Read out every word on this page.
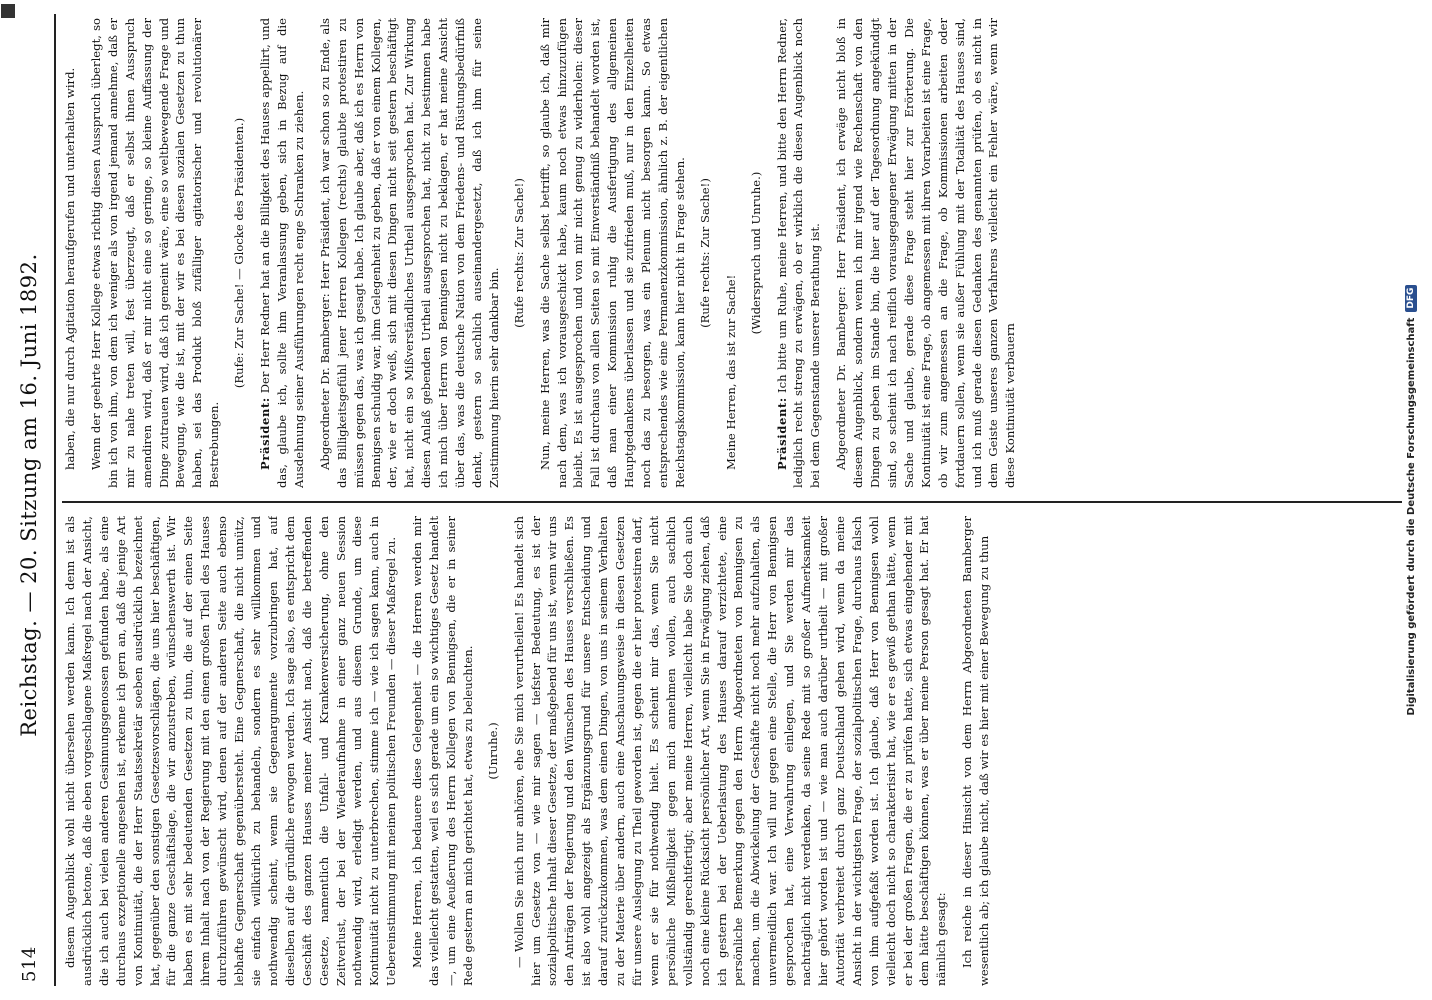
514
Reichstag. — 20. Sitzung am 16. Juni 1892.

diesem Augenblick wohl nicht übersehen werden kann. Ich denn ist als ausdrücklich betone, daß die eben vorgeschlagene Maßregel nach der Ansicht, die ich auch bei vielen anderen Gesinnungsgenossen gefunden habe, als eine durchaus exzeptionelle angesehen ist, erkenne ich gern an, daß die jenige Art von Kontinuität, die der Herr Staatssekretär soeben ausdrücklich bezeichnet hat, gegenüber den sonstigen Gesetzesvorschlägen, die uns hier beschäftigen, für die ganze Geschäftslage, die wir anzustreben, wünschenswerth ist. Wir haben es mit sehr bedeutenden Gesetzen zu thun, die auf der einen Seite ihrem Inhalt nach von der Regierung mit den einen großen Theil des Hauses durchzuführen gewünscht wird, denen auf der anderen Seite auch ebenso lebhafte Gegnerschaft gegenübersteht. Eine Gegnerschaft, die nicht unnütz, sie einfach willkürlich zu behandeln, sondern es sehr willkommen und nothwendig scheint, wenn sie Gegenargumente vorzubringen hat, auf dieselben auf die gründliche erwogen werden. Ich sage also, es entspricht dem Geschäft des ganzen Hauses meiner Ansicht nach, daß die betreffenden Gesetze, namentlich die Unfall- und Krankenversicherung, ohne den Zeitverlust, der bei der Wiederaufnahme in einer ganz neuen Session nothwendig wird, erledigt werden, und aus diesem Grunde, um diese Kontinuität nicht zu unterbrechen, stimme ich — wie ich sagen kann, auch in Uebereinstimmung mit meinen politischen Freunden — dieser Maßregel zu. Meine Herren, ich bedauere diese Gelegenheit — die Herren werden mir das vielleicht gestatten, weil es sich gerade um ein so wichtiges Gesetz handelt —, um eine Aeußerung des Herrn Kollegen von Bennigsen, die er in seiner Rede gestern an mich gerichtet hat, etwas zu beleuchten. (Unruhe.) — Wollen Sie mich nur anhören, ehe Sie mich verurtheilen! Es handelt sich hier um Gesetze von — wie mir sagen — tiefster Bedeutung, es ist der sozialpolitische Inhalt dieser Gesetze, der maßgebend für uns ist, wenn wir uns den Anträgen der Regierung und den Wünschen des Hauses verschließen. Es ist also wohl angezeigt als Ergänzungsgrund für unsere Entscheidung und darauf zurückzukommen, was dem einen Dingen, von uns in seinem Verhalten zu der Materie über andern, auch eine Anschauungsweise in diesen Gesetzen für unsere Auslegung zu Theil geworden ist, gegen die er hier protestiren darf, wenn er sie für nothwendig hielt. Es scheint mir das, wenn Sie nicht persönliche Mißhelligkeit gegen mich annehmen wollen, auch sachlich vollständig gerechtfertigt; aber meine Herren, vielleicht habe Sie doch auch noch eine kleine Rücksicht persönlicher Art, wenn Sie in Erwägung ziehen, daß ich gestern bei der Ueberlastung des Hauses darauf verzichtete, eine persönliche Bemerkung gegen den Herrn Abgeordneten von Bennigsen zu machen, um die Abwickelung der Geschäfte nicht noch mehr aufzuhalten, als unvermeidlich war. Ich will nur gegen eine Stelle, die Herr von Bennigsen gesprochen hat, eine Verwahrung einlegen, und Sie werden mir das nachträglich nicht verdenken, da seine Rede mit so großer Aufmerksamkeit hier gehört worden ist und — wie man auch darüber urtheilt — mit großer Autorität verbreitet durch ganz Deutschland gehen wird, wenn da meine Ansicht in der wichtigsten Frage, der sozialpolitischen Frage, durchaus falsch von ihm aufgefaßt worden ist. Ich glaube, daß Herr von Bennigsen wohl vielleicht doch nicht so charakterisirt hat, wie er es gewiß gethan hätte, wenn er bei der großen Fragen, die er zu prüfen hatte, sich etwas eingehender mit dem hätte beschäftigen können, was er über meine Person gesagt hat. Er hat nämlich gesagt: Ich reiche in dieser Hinsicht von dem Herrn Abgeordneten Bamberger wesentlich ab; ich glaube nicht, daß wir es hier mit einer Bewegung zu thun

haben, die nur durch Agitation heraufgerufen und unterhalten wird. Wenn der geehrte Herr Kollege etwas richtig diesen Ausspruch überlegt, so bin ich von ihm, von dem ich weniger als von irgend jemand annehme, daß er mir zu nahe treten will, fest überzeugt, daß er selbst ihnen Ausspruch amendiren wird, daß er mir nicht eine so geringe, so kleine Auffassung der Dinge zutrauen wird, daß ich gemeint wäre, eine so weltbewegende Frage und Bewegung, wie die ist, mit der wir es bei diesen sozialen Gesetzen zu thun haben, sei das Produkt bloß zufälliger agitatorischer und revolutionärer Bestrebungen.

(Rufe: Zur Sache! — Glocke des Präsidenten.)

Präsident: Der Herr Redner hat an die Billigkeit des Hauses appellirt, und das, glaube ich, sollte ihm Veranlassung geben, sich in Bezug auf die Ausdehnung seiner Ausführungen recht enge Schranken zu ziehen. Abgeordneter Dr. Bamberger: Herr Präsident, ich war schon so zu Ende, als das Billigkeitsgefühl jener Herren Kollegen (rechts) glaubte protestiren zu müssen gegen das, was ich gesagt habe. Ich glaube aber, daß ich es Herrn von Bennigsen schuldig war, ihm Gelegenheit zu geben, daß er von einem Kollegen, der, wie er doch weiß, sich mit diesen Dingen nicht seit gestern beschäftigt hat, nicht ein so Mißverständliches Urtheil ausgesprochen hat. Zur Wirkung diesen Anlaß gebenden Urtheil ausgesprochen hat, nicht zu bestimmen habe ich mich über Herrn von Bennigsen nicht zu beklagen, er hat meine Ansicht über das, was die deutsche Nation von dem Friedens- und Rüstungsbedürfniß denkt, gestern so sachlich auseinandergesetzt, daß ich ihm für seine Zustimmung hierin sehr dankbar bin.

(Rufe rechts: Zur Sache!) Nun, meine Herren, was die Sache selbst betrifft, so glaube ich, daß mir nach dem, was ich vorausgeschickt habe, kaum noch etwas hinzuzufügen bleibt. Es ist ausgesprochen und von mir nicht genug zu widerholen: dieser Fall ist durchaus von allen Seiten so mit Einverständniß behandelt worden ist, daß man einer Kommission ruhig die Ausfertigung des allgemeinen Hauptgedankens überlassen und sie zufrieden muß, nur in den Einzelheiten noch das zu besorgen, was ein Plenum nicht besorgen kann. So etwas entsprechendes wie eine Permanenzkommission, ähnlich z. B. der eigentlichen Reichstagskommission, kann hier nicht in Frage stehen. (Rufe rechts: Zur Sache!)

Meine Herren, das ist zur Sache!

(Widerspruch und Unruhe.)

Präsident: Ich bitte um Ruhe, meine Herren, und bitte den Herrn Redner, lediglich recht streng zu erwägen, ob er wirklich die diesen Augenblick noch bei dem Gegenstande unserer Berathung ist. Abgeordneter Dr. Bamberger: Herr Präsident, ich erwäge nicht bloß in diesem Augenblick, sondern wenn ich mir irgend wie Rechenschaft von den Dingen zu geben im Stande bin, die hier auf der Tagesordnung angekündigt sind, so scheint ich nach reiflich vorausgegangener Erwägung mitten in der Sache und glaube, gerade diese Frage steht hier zur Erörterung. Die Kontinuität ist eine Frage, ob angemessen mit ihren Vorarbeiten ist eine Frage, ob wir zum angemessen an die Frage, ob Kommissionen arbeiten oder fortdauern sollen, wenn sie außer Fühlung mit der Totalität des Hauses sind, und ich muß gerade diesen Gedanken des genannten prüfen, ob es nicht in dem Geiste unseres ganzen Verfahrens vielleicht ein Fehler wäre, wenn wir diese Kontinuität verbauern	Digitalisierung gefördert durch die Deutsche Forschungsgemeinschaft
DFG
